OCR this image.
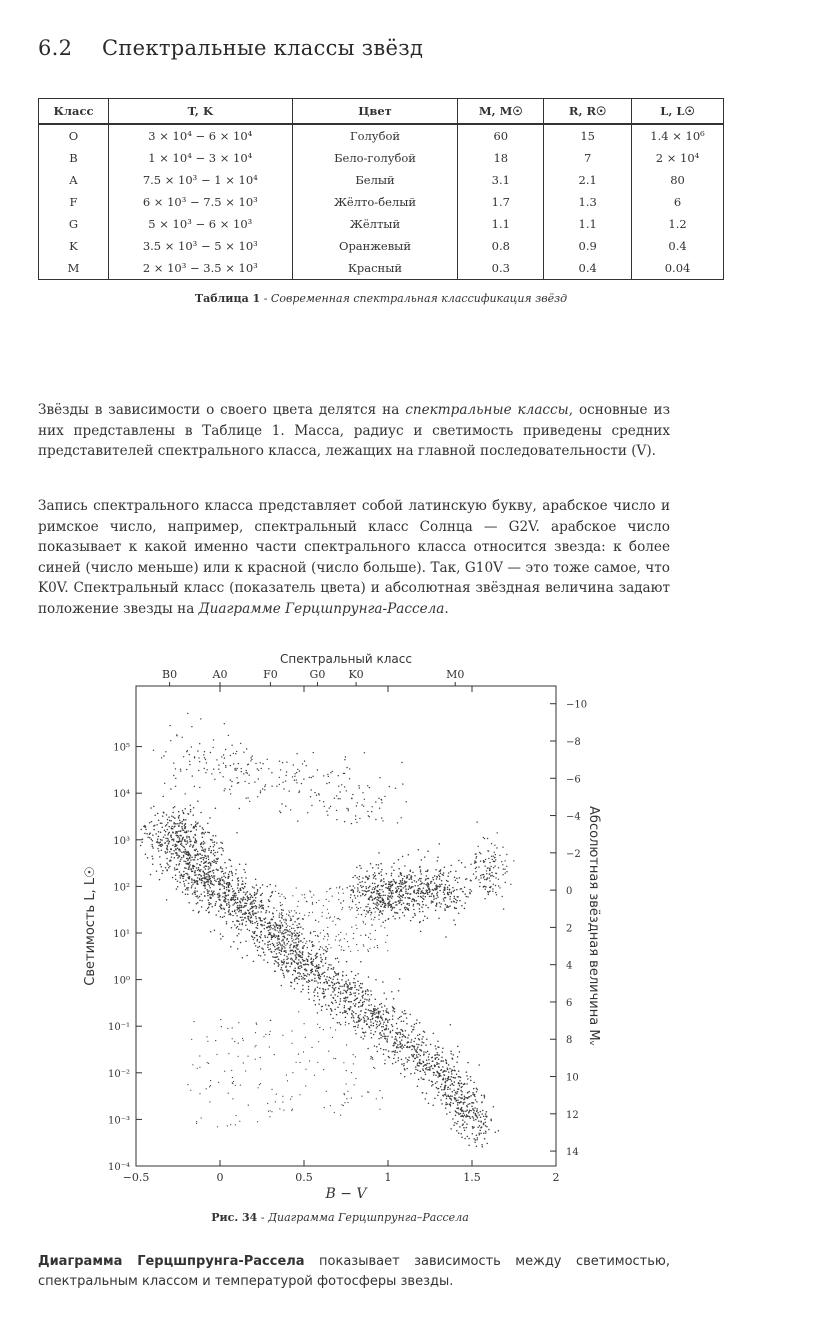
6.2 Спектральные классы звёзд
Класс	T, K	Цвет	M, M☉	R, R☉	L, L☉
O	3 × 10⁴ − 6 × 10⁴	Голубой	60	15	1.4 × 10⁶
B	1 × 10⁴ − 3 × 10⁴	Бело-голубой	18	7	2 × 10⁴
A	7.5 × 10³ − 1 × 10⁴	Белый	3.1	2.1	80
F	6 × 10³ − 7.5 × 10³	Жёлто-белый	1.7	1.3	6
G	5 × 10³ − 6 × 10³	Жёлтый	1.1	1.1	1.2
K	3.5 × 10³ − 5 × 10³	Оранжевый	0.8	0.9	0.4
M	2 × 10³ − 3.5 × 10³	Красный	0.3	0.4	0.04
Таблица 1 - Современная спектральная классификация звёзд

Звёзды в зависимости о своего цвета делятся на спектральные классы, основные из них представлены в Таблице 1. Масса, радиус и светимость приведены средних представителей спектрального класса, лежащих на главной последовательности (V).

Запись спектрального класса представляет собой латинскую букву, арабское число и римское число, например, спектральный класс Солнца — G2V. арабское число показывает к какой именно части спектрального класса относится звезда: к более синей (число меньше) или к красной (число больше). Так, G10V — это тоже самое, что K0V. Спектральный класс (показатель цвета) и абсолютная звёздная величина задают положение звезды на Диаграмме Герцшпрунга-Рассела.

−0.5	0	0.5	1	1.5	2
10⁵
10⁴
10³
10²
10¹
10⁰
10⁻¹
10⁻²
10⁻³
10⁻⁴
−10
−8
−6
−4
−2
0
2
4
6
8
10
12
14
B0	A0	F0	G0 K0	M0
Спектральный класс
B − V
Светимость L, L☉	Абсолютная звёздная величина Mᵥ
Рис. 34 - Диаграмма Герцшпрунга–Рассела

Диаграмма Герцшпрунга-Рассела показывает зависимость между светимостью, спектральным классом и температурой фотосферы звезды.
